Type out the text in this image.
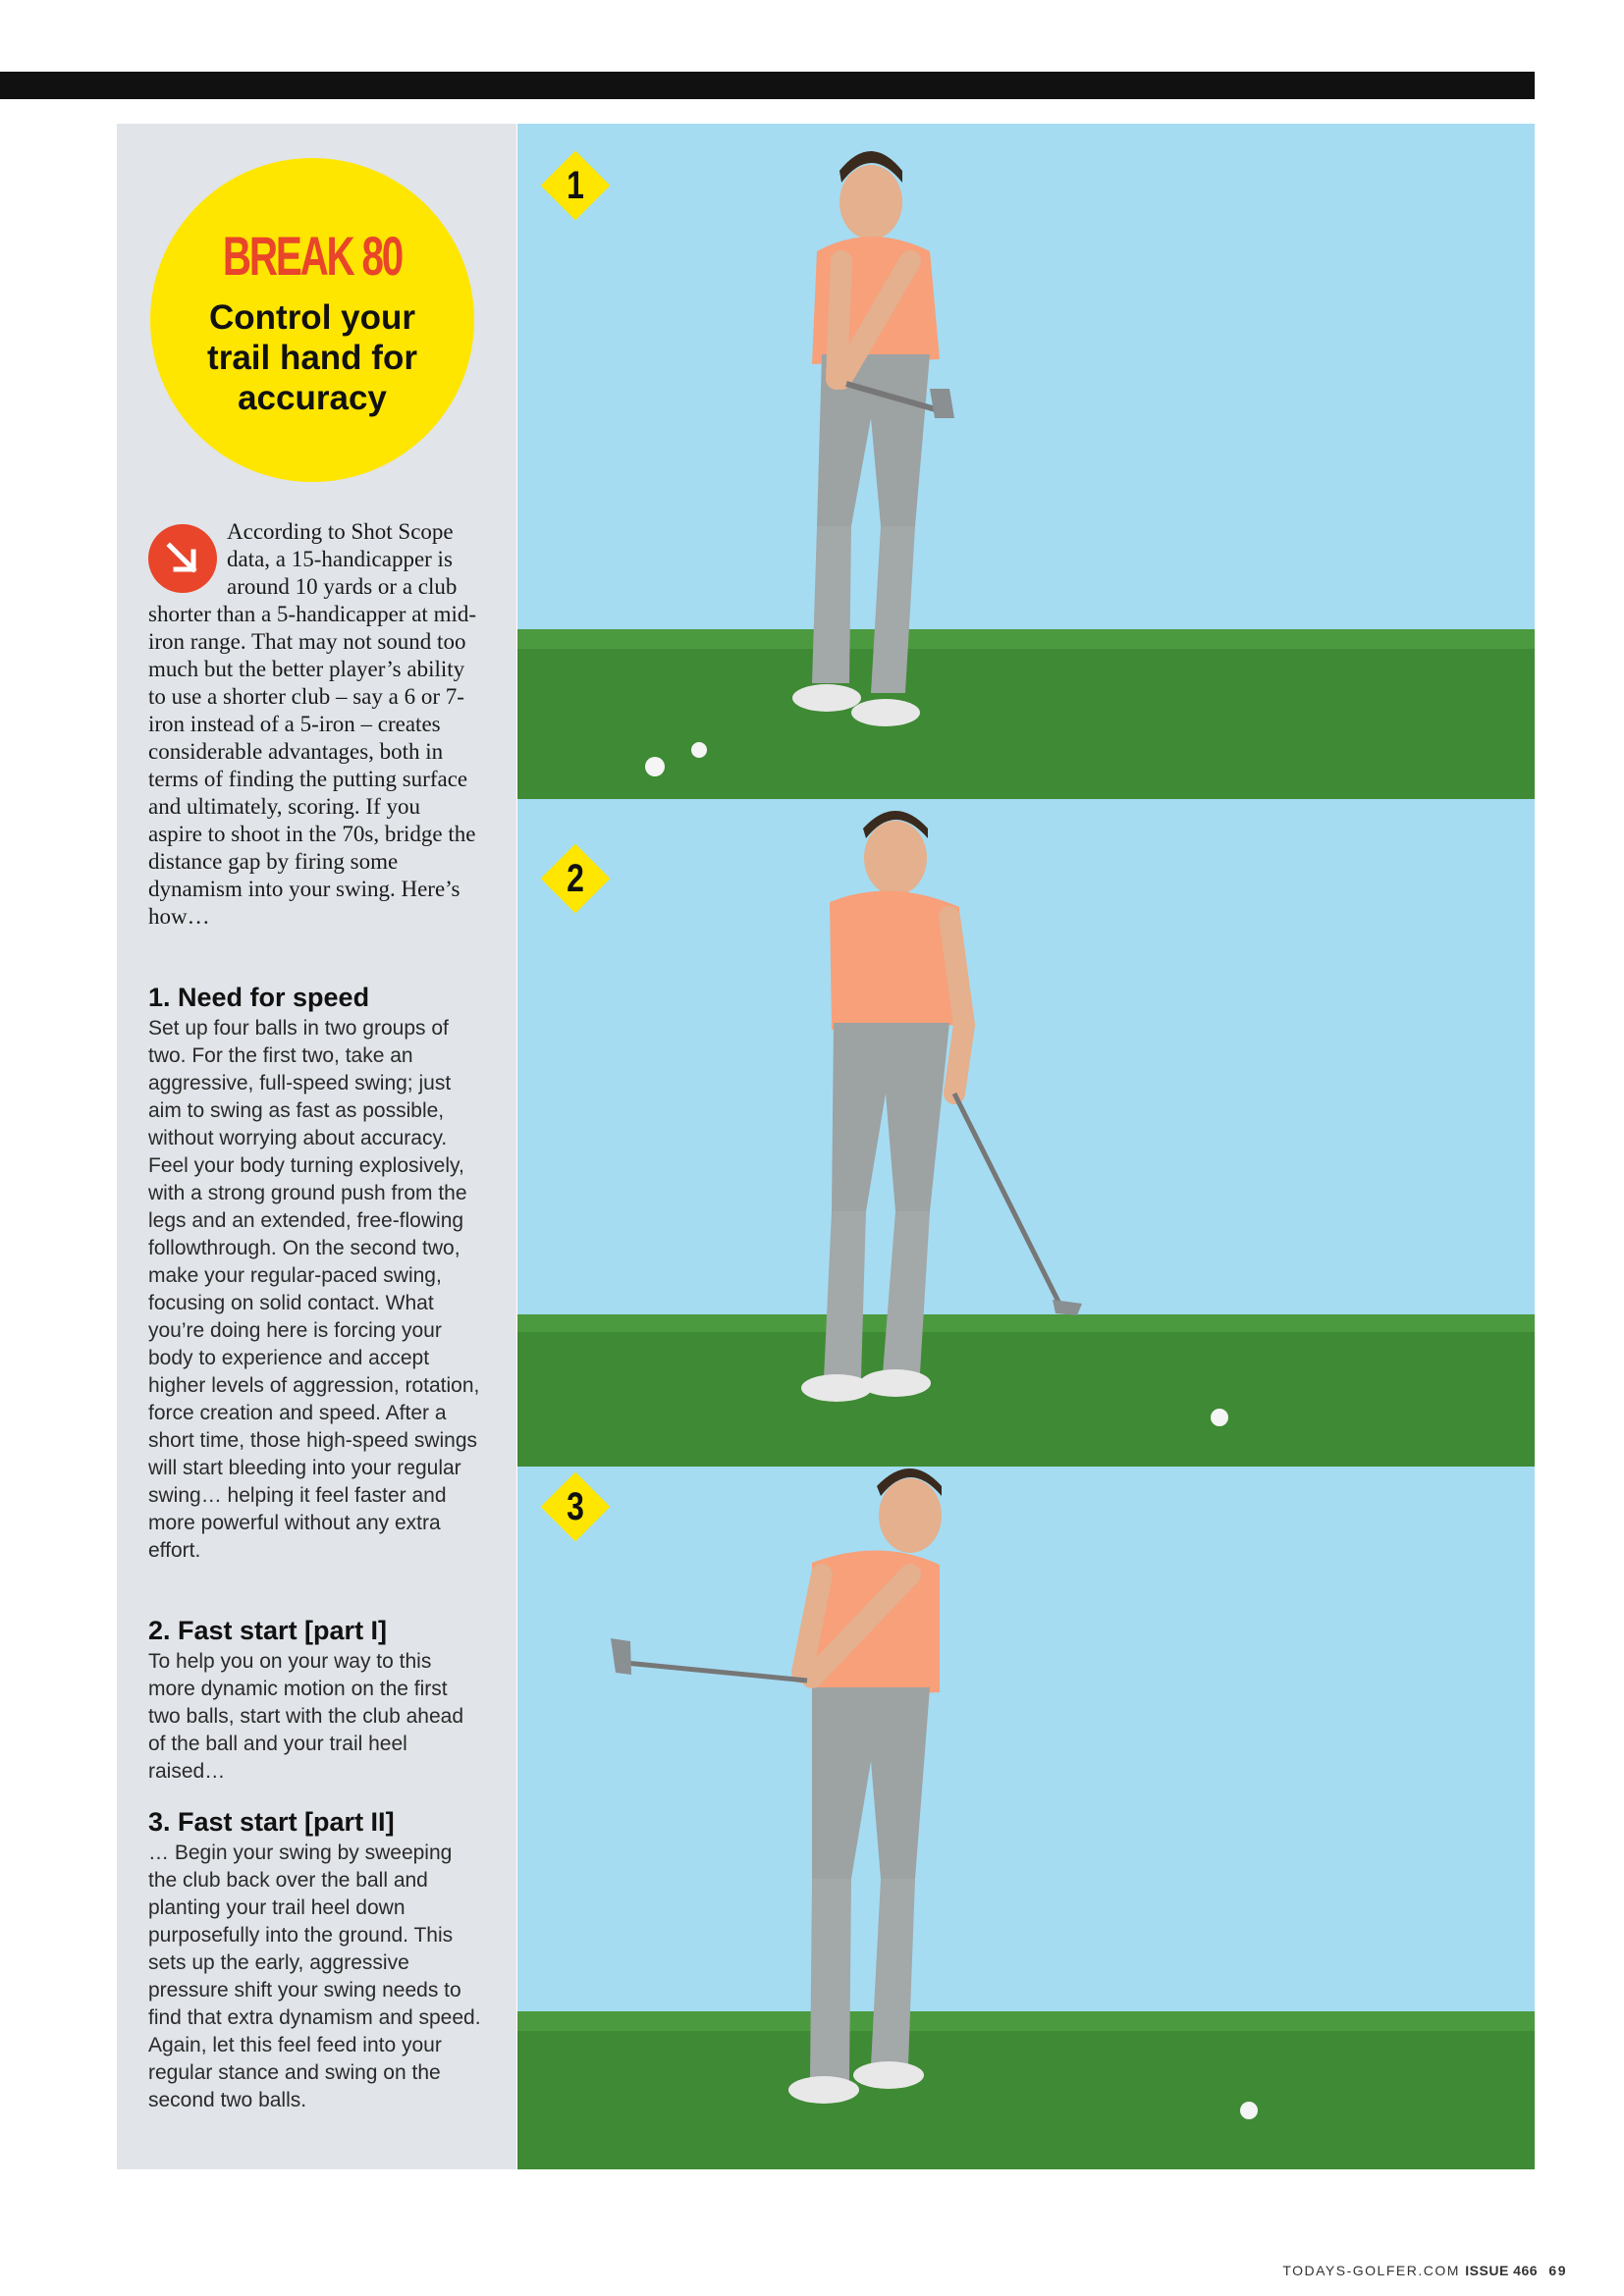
BREAK 80
Control your trail hand for accuracy

According to Shot Scope data, a 15-handicapper is around 10 yards or a club shorter than a 5-handicapper at mid-iron range. That may not sound too much but the better player’s ability to use a shorter club – say a 6 or 7-iron instead of a 5-iron – creates considerable advantages, both in terms of finding the putting surface and ultimately, scoring. If you aspire to shoot in the 70s, bridge the distance gap by firing some dynamism into your swing. Here’s how…

1. Need for speed

Set up four balls in two groups of two. For the first two, take an aggressive, full-speed swing; just aim to swing as fast as possible, without worrying about accuracy. Feel your body turning explosively, with a strong ground push from the legs and an extended, free-flowing followthrough. On the second two, make your regular-paced swing, focusing on solid contact. What you’re doing here is forcing your body to experience and accept higher levels of aggression, rotation, force creation and speed. After a short time, those high-speed swings will start bleeding into your regular swing… helping it feel faster and more powerful without any extra effort.

2. Fast start [part I]

To help you on your way to this more dynamic motion on the first two balls, start with the club ahead of the ball and your trail heel raised…

3. Fast start [part II]

… Begin your swing by sweeping the club back over the ball and planting your trail heel down purposefully into the ground. This sets up the early, aggressive pressure shift your swing needs to find that extra dynamism and speed. Again, let this feel feed into your regular stance and swing on the second two balls.

1
2
3
TODAYS-GOLFER.COM ISSUE 466 69
